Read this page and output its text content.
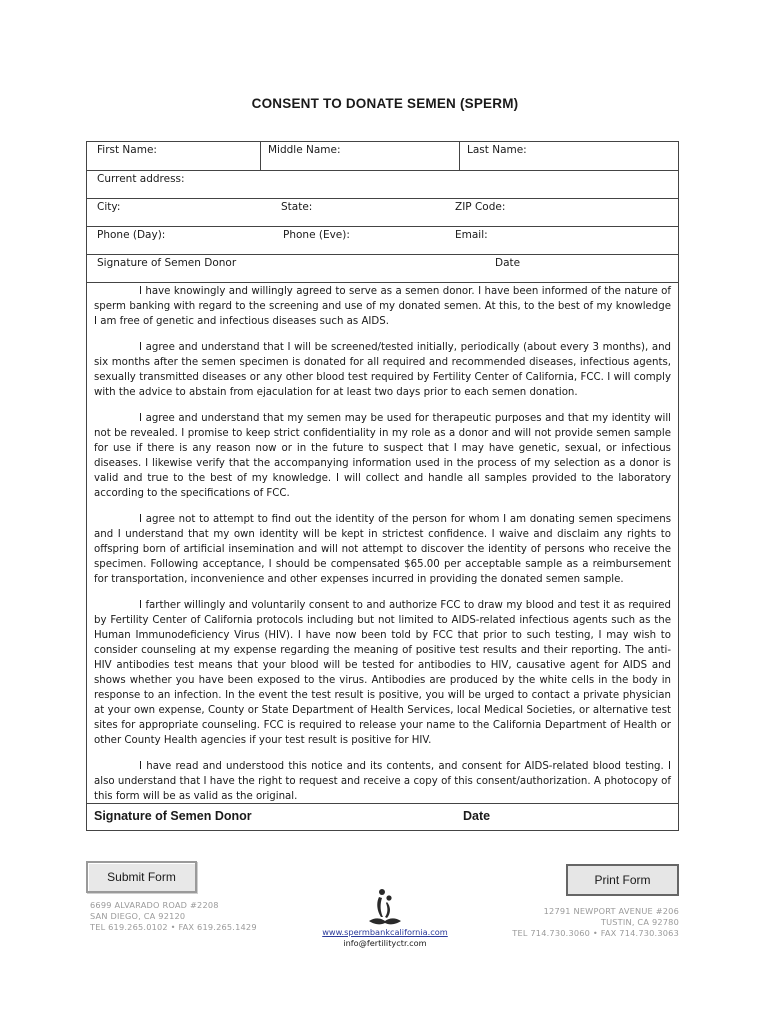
CONSENT TO DONATE SEMEN (SPERM)
First Name:	Middle Name:	Last Name:
Current address:
City:	State:	ZIP Code:
Phone (Day):	Phone (Eve):	Email:
Signature of Semen Donor	Date

I have knowingly and willingly agreed to serve as a semen donor. I have been informed of the nature of sperm banking with regard to the screening and use of my donated semen. At this, to the best of my knowledge I am free of genetic and infectious diseases such as AIDS.

I agree and understand that I will be screened/tested initially, periodically (about every 3 months), and six months after the semen specimen is donated for all required and recommended diseases, infectious agents, sexually transmitted diseases or any other blood test required by Fertility Center of California, FCC. I will comply with the advice to abstain from ejaculation for at least two days prior to each semen donation.

I agree and understand that my semen may be used for therapeutic purposes and that my identity will not be revealed. I promise to keep strict confidentiality in my role as a donor and will not provide semen sample for use if there is any reason now or in the future to suspect that I may have genetic, sexual, or infectious diseases. I likewise verify that the accompanying information used in the process of my selection as a donor is valid and true to the best of my knowledge. I will collect and handle all samples provided to the laboratory according to the specifications of FCC.

I agree not to attempt to find out the identity of the person for whom I am donating semen specimens and I understand that my own identity will be kept in strictest confidence. I waive and disclaim any rights to offspring born of artificial insemination and will not attempt to discover the identity of persons who receive the specimen. Following acceptance, I should be compensated $65.00 per acceptable sample as a reimbursement for transportation, inconvenience and other expenses incurred in providing the donated semen sample.

I farther willingly and voluntarily consent to and authorize FCC to draw my blood and test it as required by Fertility Center of California protocols including but not limited to AIDS-related infectious agents such as the Human Immunodeficiency Virus (HIV). I have now been told by FCC that prior to such testing, I may wish to consider counseling at my expense regarding the meaning of positive test results and their reporting. The anti-HIV antibodies test means that your blood will be tested for antibodies to HIV, causative agent for AIDS and shows whether you have been exposed to the virus. Antibodies are produced by the white cells in the body in response to an infection. In the event the test result is positive, you will be urged to contact a private physician at your own expense, County or State Department of Health Services, local Medical Societies, or alternative test sites for appropriate counseling. FCC is required to release your name to the California Department of Health or other County Health agencies if your test result is positive for HIV.

I have read and understood this notice and its contents, and consent for AIDS-related blood testing. I also understand that I have the right to request and receive a copy of this consent/authorization. A photocopy of this form will be as valid as the original.

Signature of Semen Donor	Date
Submit Form	Print Form
6699 ALVARADO ROAD #2208
SAN DIEGO, CA 92120
TEL 619.265.0102 • FAX 619.265.1429	www.spermbankcalifornia.com
info@fertilityctr.com
12791 NEWPORT AVENUE #206
TUSTIN, CA 92780
TEL 714.730.3060 • FAX 714.730.3063
